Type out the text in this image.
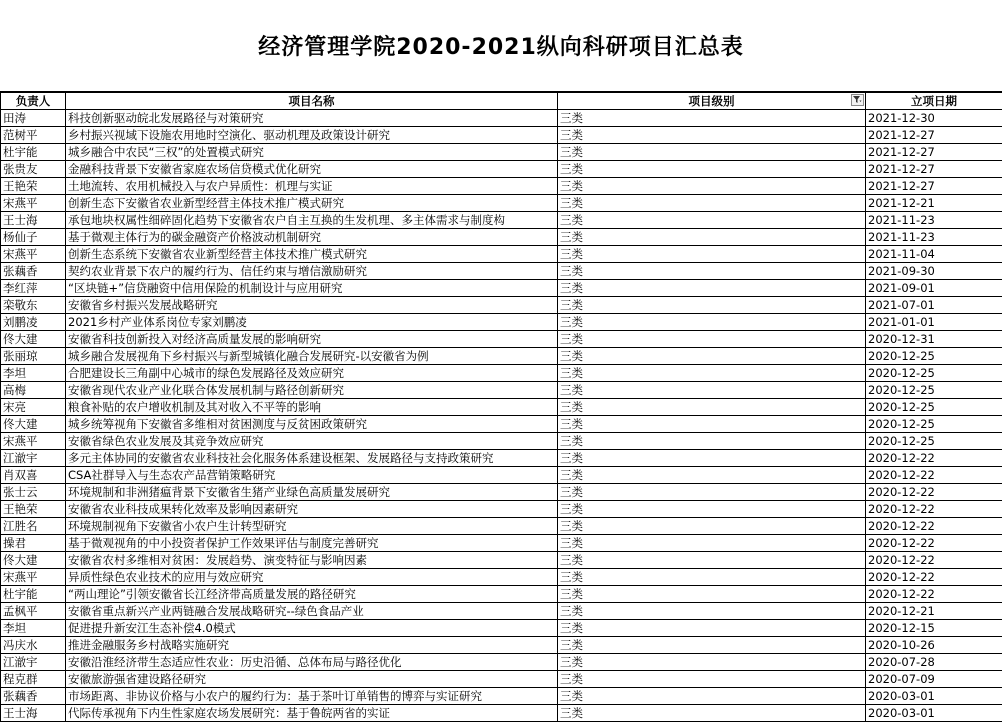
经济管理学院2020-2021纵向科研项目汇总表
负责人	项目名称	项目级别	立项日期
田涛	科技创新驱动皖北发展路径与对策研究	三类	2021-12-30
范树平	乡村振兴视域下设施农用地时空演化、驱动机理及政策设计研究	三类	2021-12-27
杜宇能	城乡融合中农民“三权”的处置模式研究	三类	2021-12-27
张贵友	金融科技背景下安徽省家庭农场信贷模式优化研究	三类	2021-12-27
王艳荣	土地流转、农用机械投入与农户异质性：机理与实证	三类	2021-12-27
宋燕平	创新生态下安徽省农业新型经营主体技术推广模式研究	三类	2021-12-21
王士海	承包地块权属性细碎固化趋势下安徽省农户自主互换的生发机理、多主体需求与制度构	三类	2021-11-23
杨仙子	基于微观主体行为的碳金融资产价格波动机制研究	三类	2021-11-23
宋燕平	创新生态系统下安徽省农业新型经营主体技术推广模式研究	三类	2021-11-04
张藕香	契约农业背景下农户的履约行为、信任约束与增信激励研究	三类	2021-09-30
李红萍	“区块链+”信贷融资中信用保险的机制设计与应用研究	三类	2021-09-01
栾敬东	安徽省乡村振兴发展战略研究	三类	2021-07-01
刘鹏凌	2021乡村产业体系岗位专家刘鹏凌	三类	2021-01-01
佟大建	安徽省科技创新投入对经济高质量发展的影响研究	三类	2020-12-31
张丽琼	城乡融合发展视角下乡村振兴与新型城镇化融合发展研究-以安徽省为例	三类	2020-12-25
李坦	合肥建设长三角副中心城市的绿色发展路径及效应研究	三类	2020-12-25
高梅	安徽省现代农业产业化联合体发展机制与路径创新研究	三类	2020-12-25
宋亮	粮食补贴的农户增收机制及其对收入不平等的影响	三类	2020-12-25
佟大建	城乡统筹视角下安徽省多维相对贫困测度与反贫困政策研究	三类	2020-12-25
宋燕平	安徽省绿色农业发展及其竞争效应研究	三类	2020-12-25
江澈宇	多元主体协同的安徽省农业科技社会化服务体系建设框架、发展路径与支持政策研究	三类	2020-12-22
肖双喜	CSA社群导入与生态农产品营销策略研究	三类	2020-12-22
张士云	环境规制和非洲猪瘟背景下安徽省生猪产业绿色高质量发展研究	三类	2020-12-22
王艳荣	安徽省农业科技成果转化效率及影响因素研究	三类	2020-12-22
江胜名	环境规制视角下安徽省小农户生计转型研究	三类	2020-12-22
操君	基于微观视角的中小投资者保护工作效果评估与制度完善研究	三类	2020-12-22
佟大建	安徽省农村多维相对贫困：发展趋势、演变特征与影响因素	三类	2020-12-22
宋燕平	异质性绿色农业技术的应用与效应研究	三类	2020-12-22
杜宇能	“两山理论”引领安徽省长江经济带高质量发展的路径研究	三类	2020-12-22
孟枫平	安徽省重点新兴产业两链融合发展战略研究--绿色食品产业	三类	2020-12-21
李坦	促进提升新安江生态补偿4.0模式	三类	2020-12-15
冯庆水	推进金融服务乡村战略实施研究	三类	2020-10-26
江澈宇	安徽沿淮经济带生态适应性农业：历史沿循、总体布局与路径优化	三类	2020-07-28
程克群	安徽旅游强省建设路径研究	三类	2020-07-09
张藕香	市场距离、非协议价格与小农户的履约行为：基于茶叶订单销售的博弈与实证研究	三类	2020-03-01
王士海	代际传承视角下内生性家庭农场发展研究：基于鲁皖两省的实证	三类	2020-03-01
